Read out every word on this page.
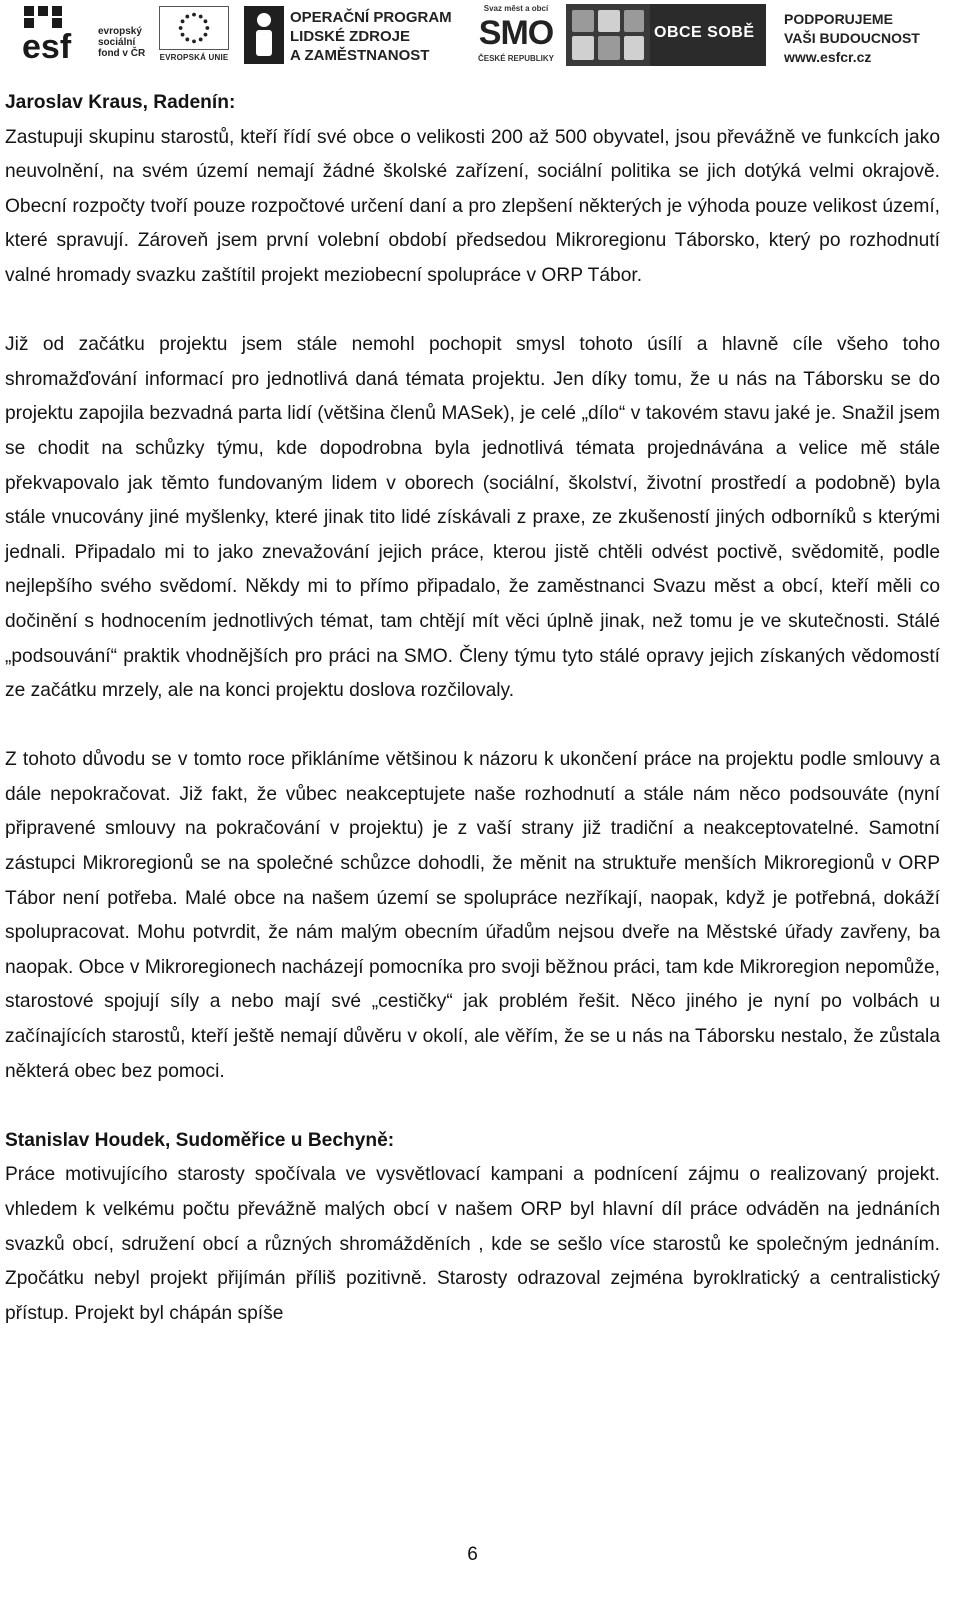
esf	evropský
sociální
fond v ČR	EVROPSKÁ UNIE
OPERAČNÍ PROGRAM
LIDSKÉ ZDROJE
A ZAMĚSTNANOST
Svaz měst a obcí
SMO
ČESKÉ REPUBLIKY
OBCE SOBĚ
PODPORUJEME
VAŠI BUDOUCNOST
www.esfcr.cz

Jaroslav Kraus, Radenín:

Zastupuji skupinu starostů, kteří řídí své obce o velikosti 200 až 500 obyvatel, jsou převážně ve funkcích jako neuvolnění, na svém území nemají žádné školské zařízení, sociální politika se jich dotýká velmi okrajově. Obecní rozpočty tvoří pouze rozpočtové určení daní a pro zlepšení některých je výhoda pouze velikost území, které spravují. Zároveň jsem první volební období předsedou Mikroregionu Táborsko, který po rozhodnutí valné hromady svazku zaštítil projekt meziobecní spolupráce v ORP Tábor.

Již od začátku projektu jsem stále nemohl pochopit smysl tohoto úsílí a hlavně cíle všeho toho shromažďování informací pro jednotlivá daná témata projektu. Jen díky tomu, že u nás na Táborsku se do projektu zapojila bezvadná parta lidí (většina členů MASek), je celé „dílo“ v takovém stavu jaké je. Snažil jsem se chodit na schůzky týmu, kde dopodrobna byla jednotlivá témata projednávána a velice mě stále překvapovalo jak těmto fundovaným lidem v oborech (sociální, školství, životní prostředí a podobně) byla stále vnucovány jiné myšlenky, které jinak tito lidé získávali z praxe, ze zkušeností jiných odborníků s kterými jednali. Připadalo mi to jako znevažování jejich práce, kterou jistě chtěli odvést poctivě, svědomitě, podle nejlepšího svého svědomí. Někdy mi to přímo připadalo, že zaměstnanci Svazu měst a obcí, kteří měli co dočinění s hodnocením jednotlivých témat, tam chtějí mít věci úplně jinak, než tomu je ve skutečnosti. Stálé „podsouvání“ praktik vhodnějších pro práci na SMO. Členy týmu tyto stálé opravy jejich získaných vědomostí ze začátku mrzely, ale na konci projektu doslova rozčilovaly.

Z tohoto důvodu se v tomto roce přikláníme většinou k názoru k ukončení práce na projektu podle smlouvy a dále nepokračovat. Již fakt, že vůbec neakceptujete naše rozhodnutí a stále nám něco podsouváte (nyní připravené smlouvy na pokračování v projektu) je z vaší strany již tradiční a neakceptovatelné. Samotní zástupci Mikroregionů se na společné schůzce dohodli, že měnit na struktuře menších Mikroregionů v ORP Tábor není potřeba. Malé obce na našem území se spolupráce nezříkají, naopak, když je potřebná, dokáží spolupracovat. Mohu potvrdit, že nám malým obecním úřadům nejsou dveře na Městské úřady zavřeny, ba naopak. Obce v Mikroregionech nacházejí pomocníka pro svoji běžnou práci, tam kde Mikroregion nepomůže, starostové spojují síly a nebo mají své „cestičky“ jak problém řešit. Něco jiného je nyní po volbách u začínajících starostů, kteří ještě nemají důvěru v okolí, ale věřím, že se u nás na Táborsku nestalo, že zůstala některá obec bez pomoci.

Stanislav Houdek, Sudoměřice u Bechyně:

Práce motivujícího starosty spočívala ve vysvětlovací kampani a podnícení zájmu o realizovaný projekt. vhledem k velkému počtu převážně malých obcí v našem ORP byl hlavní díl práce odváděn na jednáních svazků obcí, sdružení obcí a různých shromážděních , kde se sešlo více starostů ke společným jednáním. Zpočátku nebyl projekt přijímán příliš pozitivně. Starosty odrazoval zejména byroklratický a centralistický přístup. Projekt byl chápán spíše

6
